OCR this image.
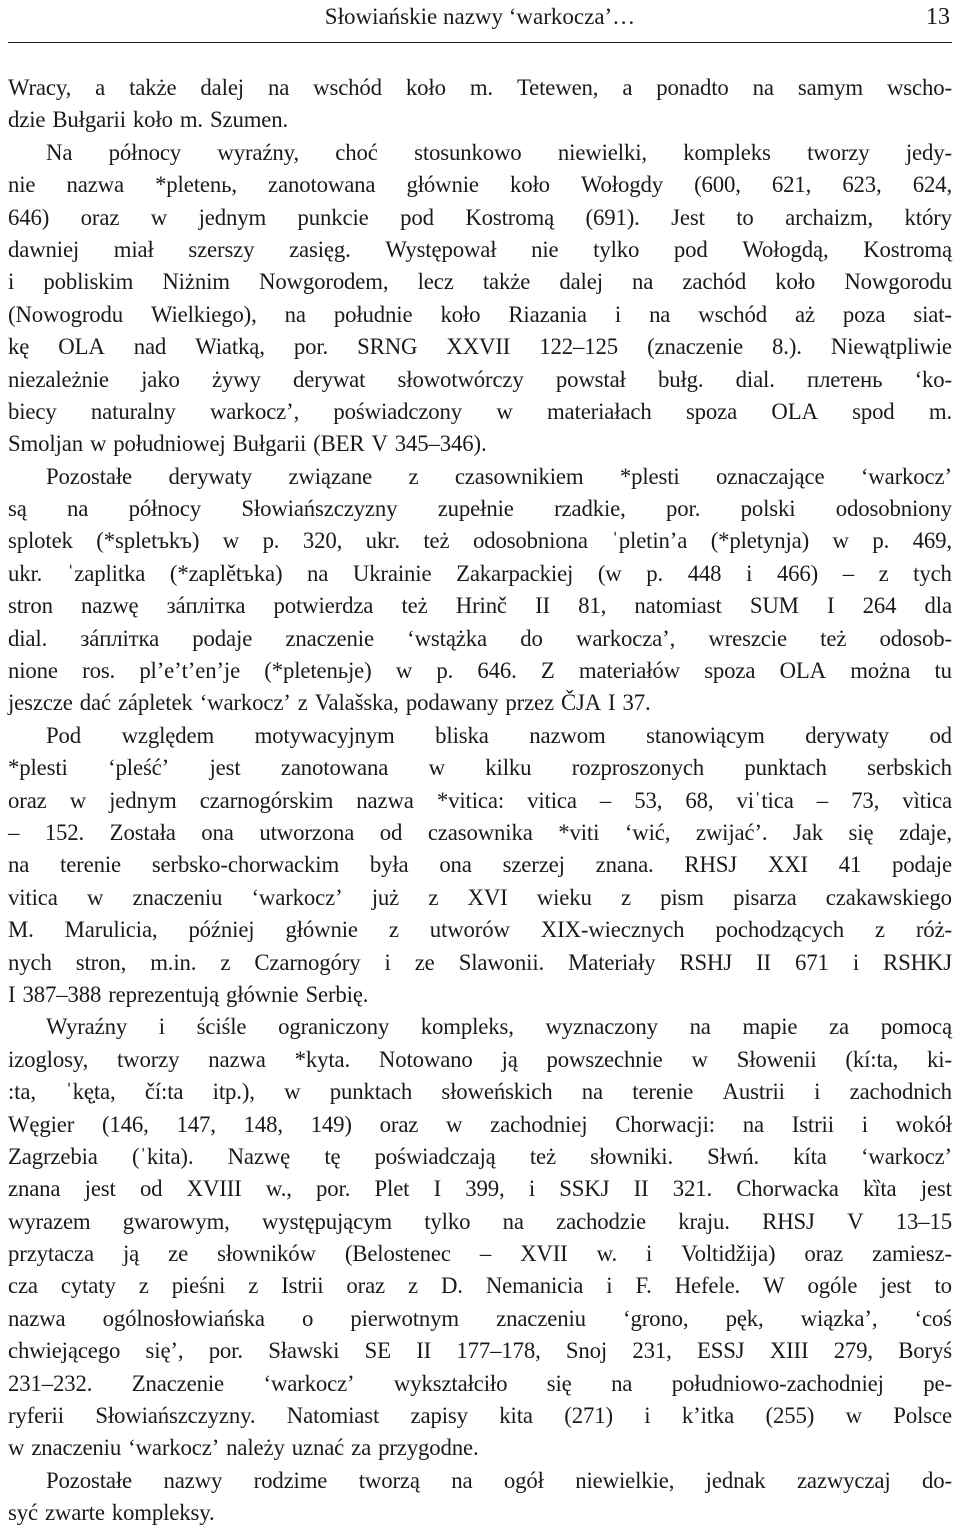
Słowiańskie nazwy ‘warkocza’…	13
Wracy, a także dalej na wschód koło m. Tetewen, a ponadto na samym wscho-
dzie Bułgarii koło m. Szumen.
Na północy wyraźny, choć stosunkowo niewielki, kompleks tworzy jedy-
nie nazwa *pletenь, zanotowana głównie koło Wołogdy (600, 621, 623, 624,
646) oraz w jednym punkcie pod Kostromą (691). Jest to archaizm, który
dawniej miał szerszy zasięg. Występował nie tylko pod Wołogdą, Kostromą
i pobliskim Niżnim Nowgorodem, lecz także dalej na zachód koło Nowgorodu
(Nowogrodu Wielkiego), na południe koło Riazania i na wschód aż poza siat-
kę OLA nad Wiatką, por. SRNG XXVII 122–125 (znaczenie 8.). Niewątpliwie
niezależnie jako żywy derywat słowotwórczy powstał bułg. dial. плетень ‘ko-
biecy naturalny warkocz’, poświadczony w materiałach spoza OLA spod m.
Smoljan w południowej Bułgarii (BER V 345–346).
Pozostałe derywaty związane z czasownikiem *plesti oznaczające ‘warkocz’
są na północy Słowiańszczyzny zupełnie rzadkie, por. polski odosobniony
splotek (*spletъkъ) w p. 320, ukr. też odosobniona ˈpletinʼa (*pletynja) w p. 469,
ukr. ˈzaplitka (*zaplětъka) na Ukrainie Zakarpackiej (w p. 448 i 466) – z tych
stron nazwę зáплітка potwierdza też Hrinč II 81, natomiast SUM I 264 dla
dial. зáплітка podaje znaczenie ‘wstążka do warkocza’, wreszcie też odosob-
nione ros. plʼeʼtʼenʼje (*pletenьje) w p. 646. Z materiałów spoza OLA można tu
jeszcze dać zápletek ‘warkocz’ z Valašska, podawany przez ČJA I 37.
Pod względem motywacyjnym bliska nazwom stanowiącym derywaty od
*plesti ‘pleść’ jest zanotowana w kilku rozproszonych punktach serbskich
oraz w jednym czarnogórskim nazwa *vitica: vitica – 53, 68, viˈtica – 73, vìtica
– 152. Została ona utworzona od czasownika *viti ‘wić, zwijać’. Jak się zdaje,
na terenie serbsko-chorwackim była ona szerzej znana. RHSJ XXI 41 podaje
vitica w znaczeniu ‘warkocz’ już z XVI wieku z pism pisarza czakawskiego
M. Marulicia, później głównie z utworów XIX-wiecznych pochodzących z róż-
nych stron, m.in. z Czarnogóry i ze Slawonii. Materiały RSHJ II 671 i RSHKJ
I 387–388 reprezentują głównie Serbię.
Wyraźny i ściśle ograniczony kompleks, wyznaczony na mapie za pomocą
izoglosy, tworzy nazwa *kyta. Notowano ją powszechnie w Słowenii (kí:ta, ki-
:ta, ˈkę̣ta, čí:ta itp.), w punktach słoweńskich na terenie Austrii i zachodnich
Węgier (146, 147, 148, 149) oraz w zachodniej Chorwacji: na Istrii i wokół
Zagrzebia (ˈkita). Nazwę tę poświadczają też słowniki. Słwń. kíta ‘warkocz’
znana jest od XVIII w., por. Plet I 399, i SSKJ II 321. Chorwacka kȉta jest
wyrazem gwarowym, występującym tylko na zachodzie kraju. RHSJ V 13–15
przytacza ją ze słowników (Belostenec – XVII w. i Voltidžija) oraz zamiesz-
cza cytaty z pieśni z Istrii oraz z D. Nemanicia i F. Hefele. W ogóle jest to
nazwa ogólnosłowiańska o pierwotnym znaczeniu ‘grono, pęk, wiązka’, ‘coś
chwiejącego się’, por. Sławski SE II 177–178, Snoj 231, ESSJ XIII 279, Boryś
231–232. Znaczenie ‘warkocz’ wykształciło się na południowo-zachodniej pe-
ryferii Słowiańszczyzny. Natomiast zapisy kita (271) i kʼitka (255) w Polsce
w znaczeniu ‘warkocz’ należy uznać za przygodne.
Pozostałe nazwy rodzime tworzą na ogół niewielkie, jednak zazwyczaj do-
syć zwarte kompleksy.
